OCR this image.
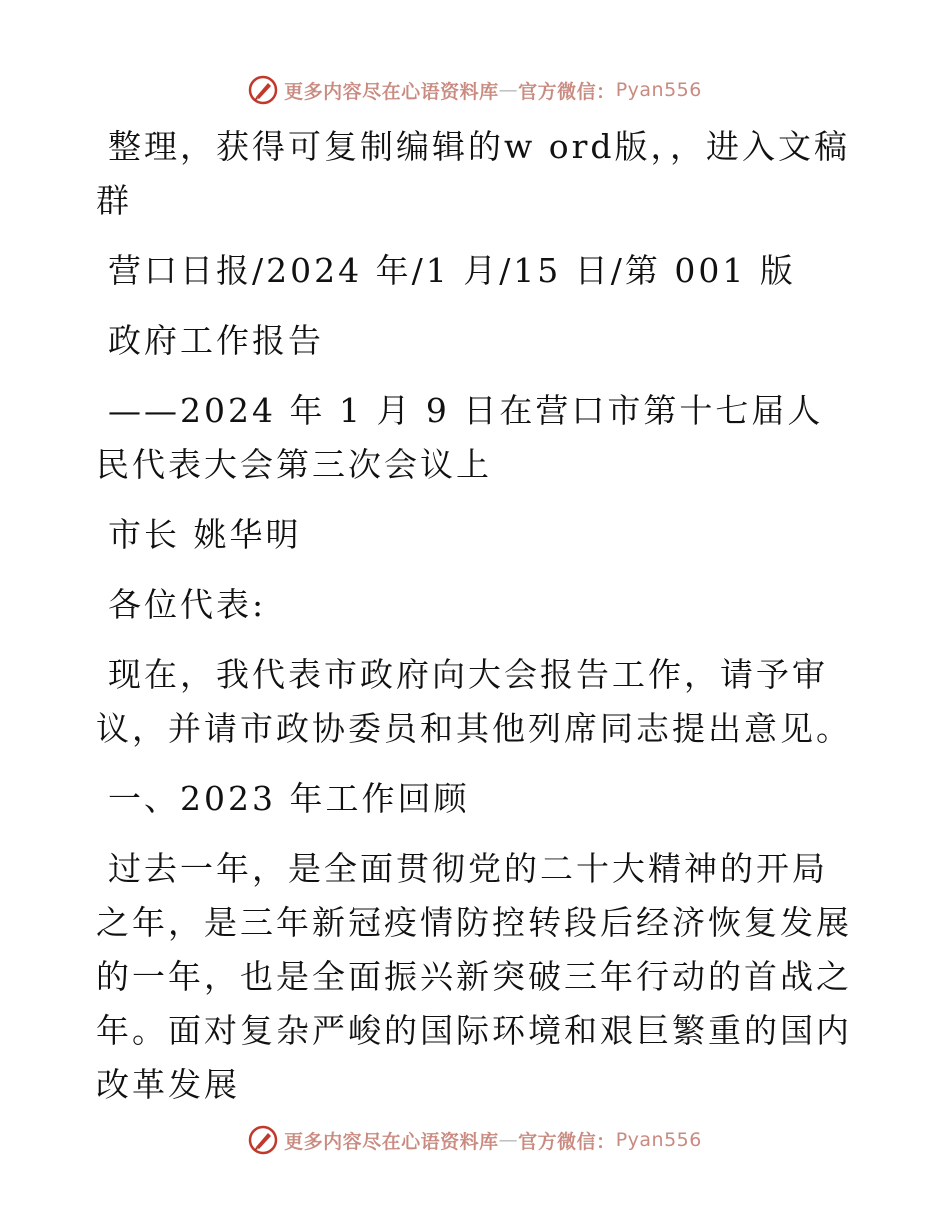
更多内容尽在心语资料库 — 官方微信： Pyan556

整理，获得可复制编辑的w ord版，，进入文稿群

营口日报/2024 年/1 月/15 日/第 001 版

政府工作报告

——2024 年 1 月 9 日在营口市第十七届人民代表大会第三次会议上

市长 姚华明

各位代表:

现在，我代表市政府向大会报告工作，请予审议，并请市政协委员和其他列席同志提出意见。

一、2023 年工作回顾

过去一年，是全面贯彻党的二十大精神的开局之年，是三年新冠疫情防控转段后经济恢复发展的一年，也是全面振兴新突破三年行动的首战之年。面对复杂严峻的国际环境和艰巨繁重的国内改革发展

更多内容尽在心语资料库 — 官方微信： Pyan556
